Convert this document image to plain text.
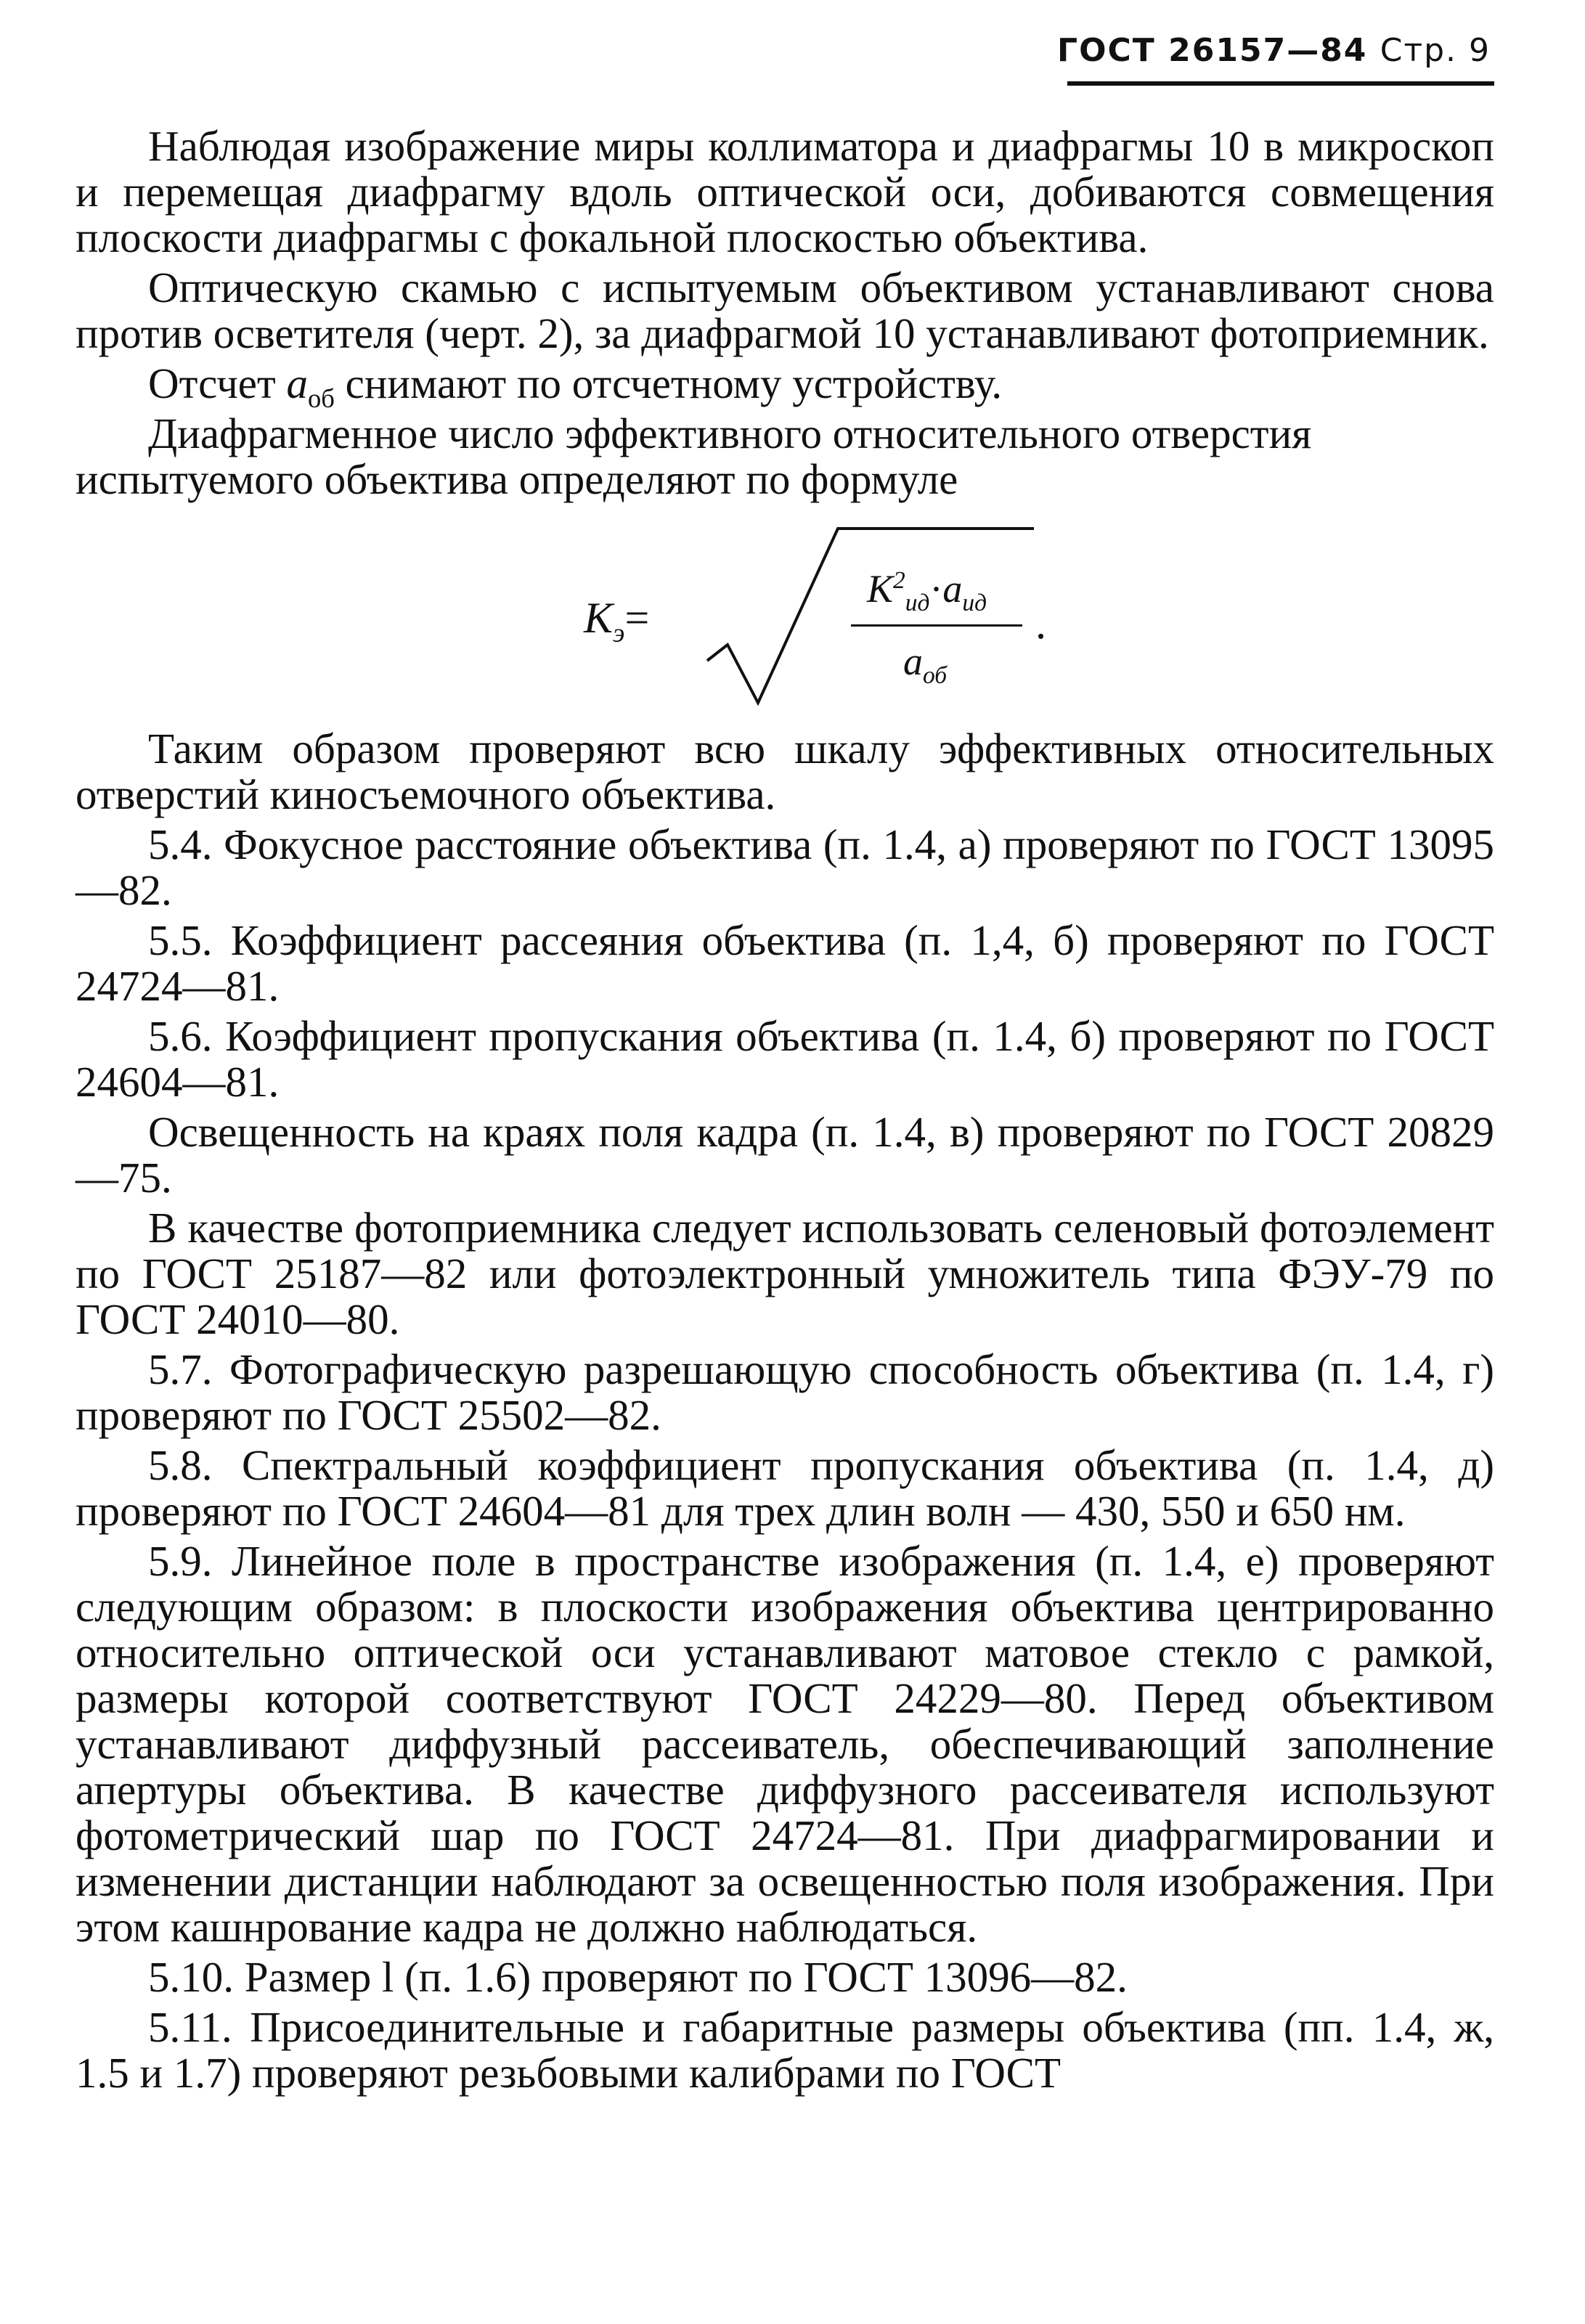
ГОСТ 26157—84 Стр. 9

Наблюдая изображение миры коллиматора и диафрагмы 10 в микроскоп и перемещая диафрагму вдоль оптической оси, добиваются совмещения плоскости диафрагмы с фокальной плоскостью объектива.

Оптическую скамью с испытуемым объективом устанавливают снова против осветителя (черт. 2), за диафрагмой 10 устанавливают фотоприемник.

Отсчет $a_{об}$ снимают по отсчетному устройству.

Диафрагменное число эффективного относительного отверстия испытуемого объектива определяют по формуле

$K_э=$
$K^2_{ид}\cdot a_{ид}$
$a_{об}$
.

Таким образом проверяют всю шкалу эффективных относительных отверстий киносъемочного объектива.

5.4. Фокусное расстояние объектива (п. 1.4, а) проверяют по ГОСТ 13095—82.

5.5. Коэффициент рассеяния объектива (п. 1,4, б) проверяют по ГОСТ 24724—81.

5.6. Коэффициент пропускания объектива (п. 1.4, б) проверяют по ГОСТ 24604—81.

Освещенность на краях поля кадра (п. 1.4, в) проверяют по ГОСТ 20829—75.

В качестве фотоприемника следует использовать селеновый фотоэлемент по ГОСТ 25187—82 или фотоэлектронный умножитель типа ФЭУ-79 по ГОСТ 24010—80.

5.7. Фотографическую разрешающую способность объектива (п. 1.4, г) проверяют по ГОСТ 25502—82.

5.8. Спектральный коэффициент пропускания объектива (п. 1.4, д) проверяют по ГОСТ 24604—81 для трех длин волн — 430, 550 и 650 нм.

5.9. Линейное поле в пространстве изображения (п. 1.4, е) проверяют следующим образом: в плоскости изображения объектива центрированно относительно оптической оси устанавливают матовое стекло с рамкой, размеры которой соответствуют ГОСТ 24229—80. Перед объективом устанавливают диффузный рассеиватель, обеспечивающий заполнение апертуры объектива. В качестве диффузного рассеивателя используют фотометрический шар по ГОСТ 24724—81. При диафрагмировании и изменении дистанции наблюдают за освещенностью поля изображения. При этом кашнрование кадра не должно наблюдаться.

5.10. Размер l (п. 1.6) проверяют по ГОСТ 13096—82.

5.11. Присоединительные и габаритные размеры объектива (пп. 1.4, ж, 1.5 и 1.7) проверяют резьбовыми калибрами по ГОСТ
